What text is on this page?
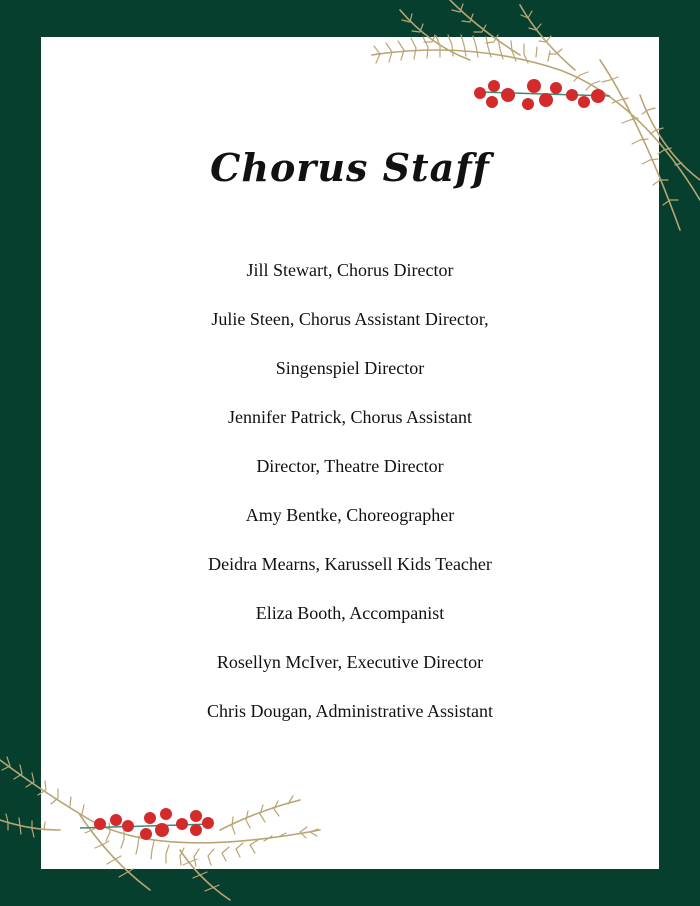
Chorus Staff
Jill Stewart, Chorus Director
Julie Steen, Chorus Assistant Director,
Singenspiel Director
Jennifer Patrick, Chorus Assistant
Director, Theatre Director
Amy Bentke, Choreographer
Deidra Mearns, Karussell Kids Teacher
Eliza Booth, Accompanist
Rosellyn McIver, Executive Director
Chris Dougan, Administrative Assistant
